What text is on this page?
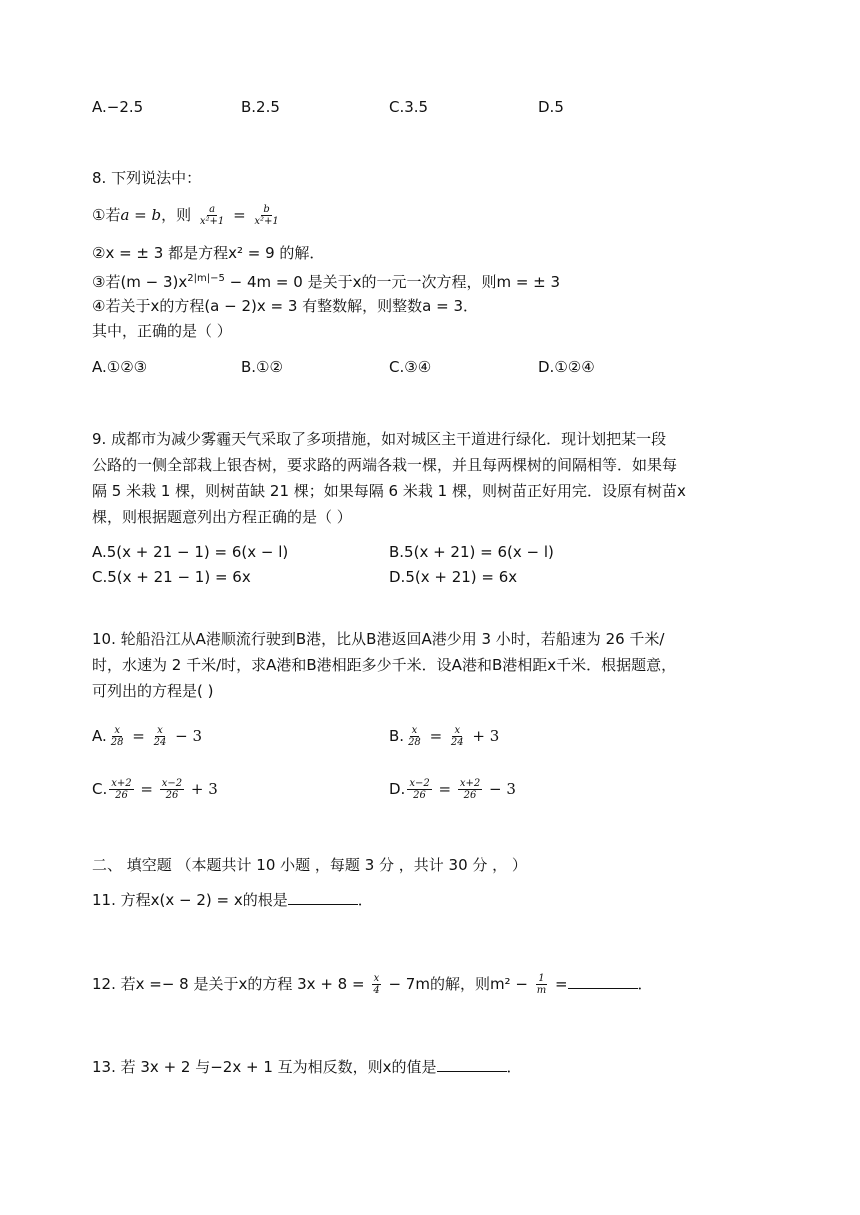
A.−2.5	B.2.5	C.3.5	D.5
8. 下列说法中：
①若a = b，则 $\frac{a}{\text{x²+1}} = \frac{b}{\text{x²+1}}$
②x = ± 3 都是方程x² = 9 的解．
③若$(m - 3)x^{2|m|-5} - 4m = 0$ 是关于x的一元一次方程，则m = ± 3
④若关于x的方程(a − 2)x = 3 有整数解，则整数a = 3．
其中，正确的是（ ）
A.①②③	B.①②	C.③④	D.①②④
9. 成都市为减少雾霾天气采取了多项措施，如对城区主干道进行绿化．现计划把某一段
公路的一侧全部栽上银杏树，要求路的两端各栽一棵，并且每两棵树的间隔相等．如果每
隔 5 米栽 1 棵，则树苗缺 21 棵；如果每隔 6 米栽 1 棵，则树苗正好用完．设原有树苗x
棵，则根据题意列出方程正确的是（ ）
A.5(x + 21 − 1) = 6(x − l)	B.5(x + 21) = 6(x − l)
C.5(x + 21 − 1) = 6x	D.5(x + 21) = 6x
10. 轮船沿江从A港顺流行驶到B港，比从B港返回A港少用 3 小时，若船速为 26 千米/
时，水速为 2 千米/时，求A港和B港相距多少千米．设A港和B港相距x千米．根据题意，
可列出的方程是( )
A. $\frac{x}{28} = \frac{x}{24} - 3$	B. $\frac{x}{28} = \frac{x}{24} + 3$
C. $\frac{x+2}{26} = \frac{x-2}{26} + 3$	D. $\frac{x-2}{26} = \frac{x+2}{26} - 3$
二、 填空题 （本题共计 10 小题 ，每题 3 分 ，共计 30 分 ， ）
11. 方程x(x − 2) = x的根是	．
12. 若x =− 8 是关于x的方程 $3x + 8 = \frac{x}{4} - 7m$的解，则$m^2 - \frac{1}{m}$ =	．
13. 若 3x + 2 与−2x + 1 互为相反数，则x的值是	．
